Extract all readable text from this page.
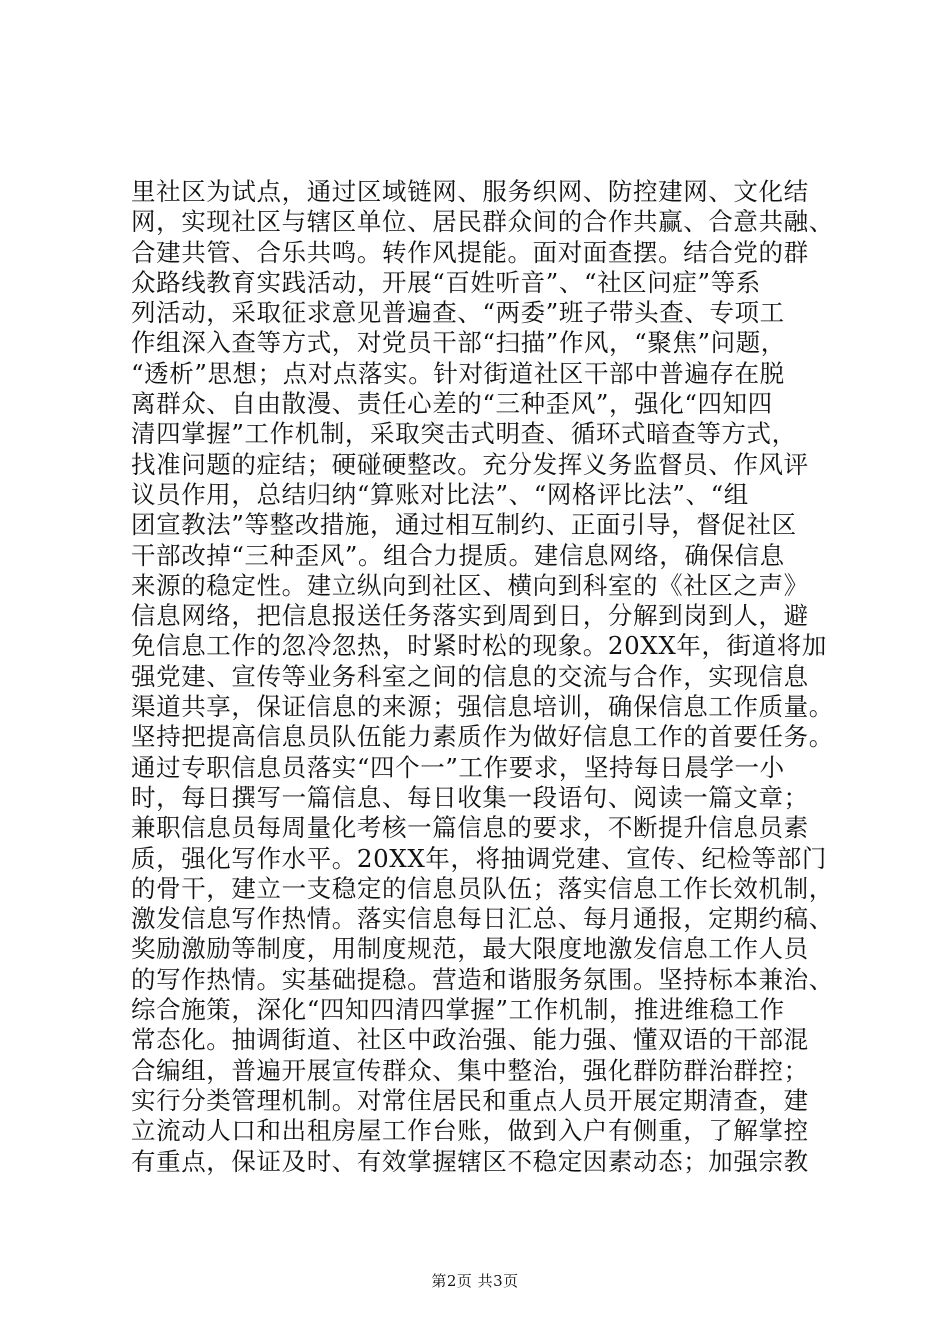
里社区为试点，通过区域链网、服务织网、防控建网、文化结
网，实现社区与辖区单位、居民群众间的合作共赢、合意共融、
合建共管、合乐共鸣。转作风提能。面对面查摆。结合党的群
众路线教育实践活动，开展“百姓听音”、“社区问症”等系
列活动，采取征求意见普遍查、“两委”班子带头查、专项工
作组深入查等方式，对党员干部“扫描”作风，“聚焦”问题，
“透析”思想；点对点落实。针对街道社区干部中普遍存在脱
离群众、自由散漫、责任心差的“三种歪风”，强化“四知四
清四掌握”工作机制，采取突击式明查、循环式暗查等方式，
找准问题的症结；硬碰硬整改。充分发挥义务监督员、作风评
议员作用，总结归纳“算账对比法”、“网格评比法”、“组
团宣教法”等整改措施，通过相互制约、正面引导，督促社区
干部改掉“三种歪风”。组合力提质。建信息网络，确保信息
来源的稳定性。建立纵向到社区、横向到科室的《社区之声》
信息网络，把信息报送任务落实到周到日，分解到岗到人，避
免信息工作的忽冷忽热，时紧时松的现象。20XX年，街道将加
强党建、宣传等业务科室之间的信息的交流与合作，实现信息
渠道共享，保证信息的来源；强信息培训，确保信息工作质量。
坚持把提高信息员队伍能力素质作为做好信息工作的首要任务。
通过专职信息员落实“四个一”工作要求，坚持每日晨学一小
时，每日撰写一篇信息、每日收集一段语句、阅读一篇文章；
兼职信息员每周量化考核一篇信息的要求，不断提升信息员素
质，强化写作水平。20XX年，将抽调党建、宣传、纪检等部门
的骨干，建立一支稳定的信息员队伍；落实信息工作长效机制，
激发信息写作热情。落实信息每日汇总、每月通报，定期约稿、
奖励激励等制度，用制度规范，最大限度地激发信息工作人员
的写作热情。实基础提稳。营造和谐服务氛围。坚持标本兼治、
综合施策，深化“四知四清四掌握”工作机制，推进维稳工作
常态化。抽调街道、社区中政治强、能力强、懂双语的干部混
合编组，普遍开展宣传群众、集中整治，强化群防群治群控；
实行分类管理机制。对常住居民和重点人员开展定期清查，建
立流动人口和出租房屋工作台账，做到入户有侧重，了解掌控
有重点，保证及时、有效掌握辖区不稳定因素动态；加强宗教
第2页 共3页
